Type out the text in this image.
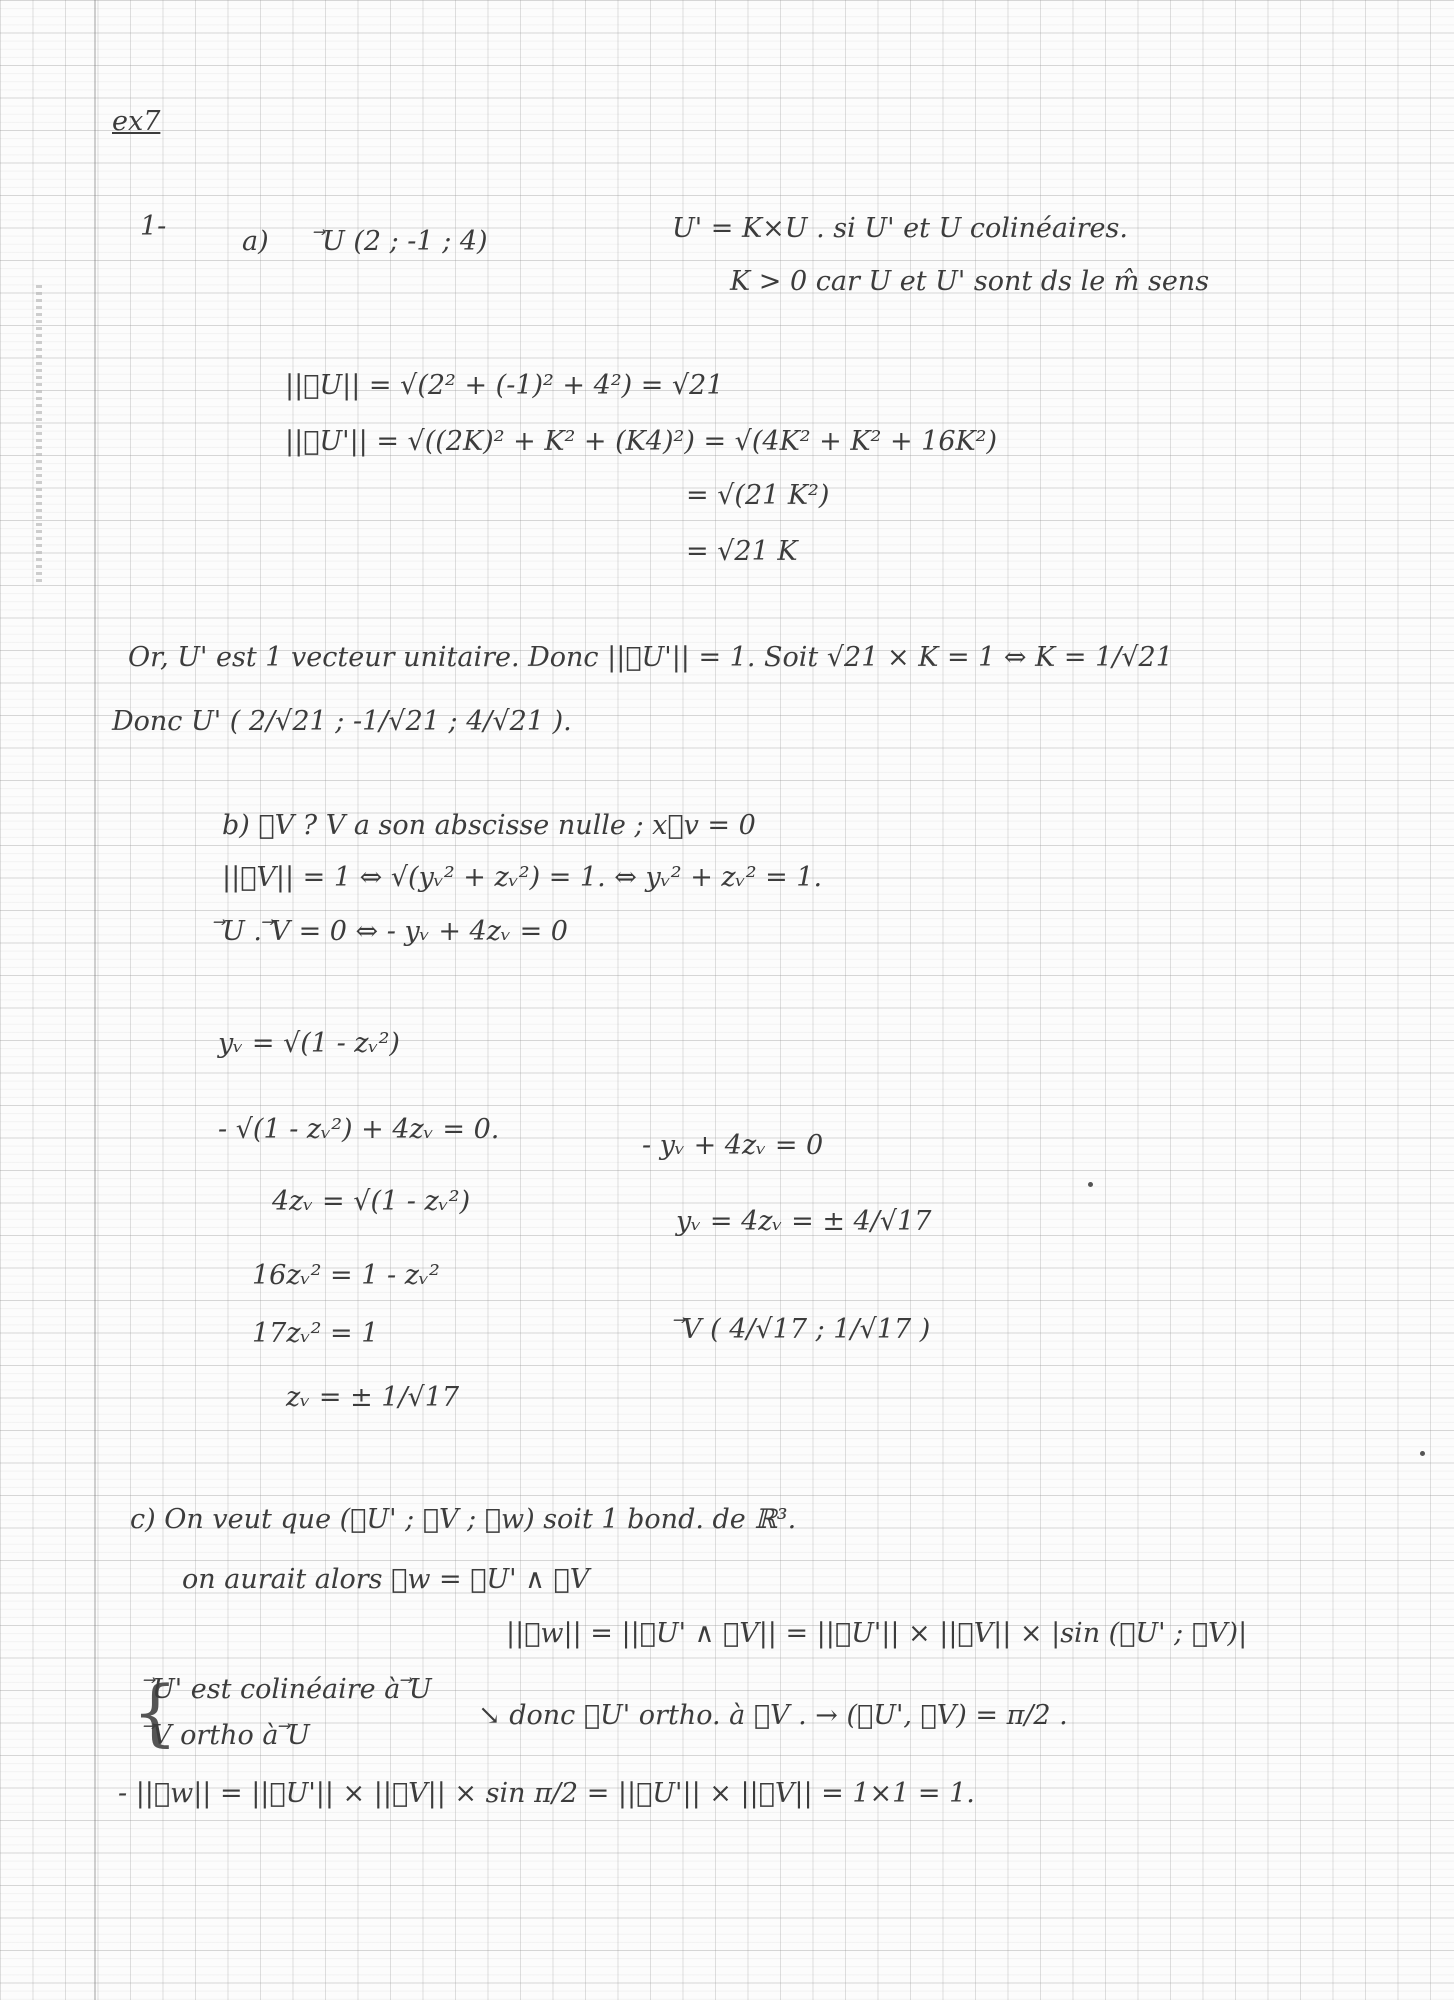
ex7
1-	a) ⃗U (2 ; -1 ; 4)	U' = K×U . si U' et U colinéaires.
K > 0 car U et U' sont ds le m̂ sens
||⃗U|| = √(2² + (-1)² + 4²) = √21
||⃗U'|| = √((2K)² + K² + (K4)²) = √(4K² + K² + 16K²)
= √(21 K²)
= √21 K
Or, U' est 1 vecteur unitaire. Donc ||⃗U'|| = 1. Soit √21 × K = 1 ⇔ K = 1/√21
Donc U' ( 2/√21 ; -1/√21 ; 4/√21 ).
b) ⃗V ? V a son abscisse nulle ; x⃗v = 0
||⃗V|| = 1 ⇔ √(yᵥ² + zᵥ²) = 1. ⇔ yᵥ² + zᵥ² = 1.
⃗U . ⃗V = 0 ⇔ - yᵥ + 4zᵥ = 0
yᵥ = √(1 - zᵥ²)
- √(1 - zᵥ²) + 4zᵥ = 0.
4zᵥ = √(1 - zᵥ²)
16zᵥ² = 1 - zᵥ²
17zᵥ² = 1
zᵥ = ± 1/√17
- yᵥ + 4zᵥ = 0
yᵥ = 4zᵥ = ± 4/√17
⃗V ( 4/√17 ; 1/√17 )
c) On veut que (⃗U' ; ⃗V ; ⃗w) soit 1 bond. de ℝ³.
on aurait alors ⃗w = ⃗U' ∧ ⃗V
||⃗w|| = ||⃗U' ∧ ⃗V|| = ||⃗U'|| × ||⃗V|| × |sin (⃗U' ; ⃗V)|
{
⃗U' est colinéaire à ⃗U
⃗V ortho à ⃗U
↘ donc ⃗U' ortho. à ⃗V . → (⃗U', ⃗V) = π/2 .
- ||⃗w|| = ||⃗U'|| × ||⃗V|| × sin π/2 = ||⃗U'|| × ||⃗V|| = 1×1 = 1.
